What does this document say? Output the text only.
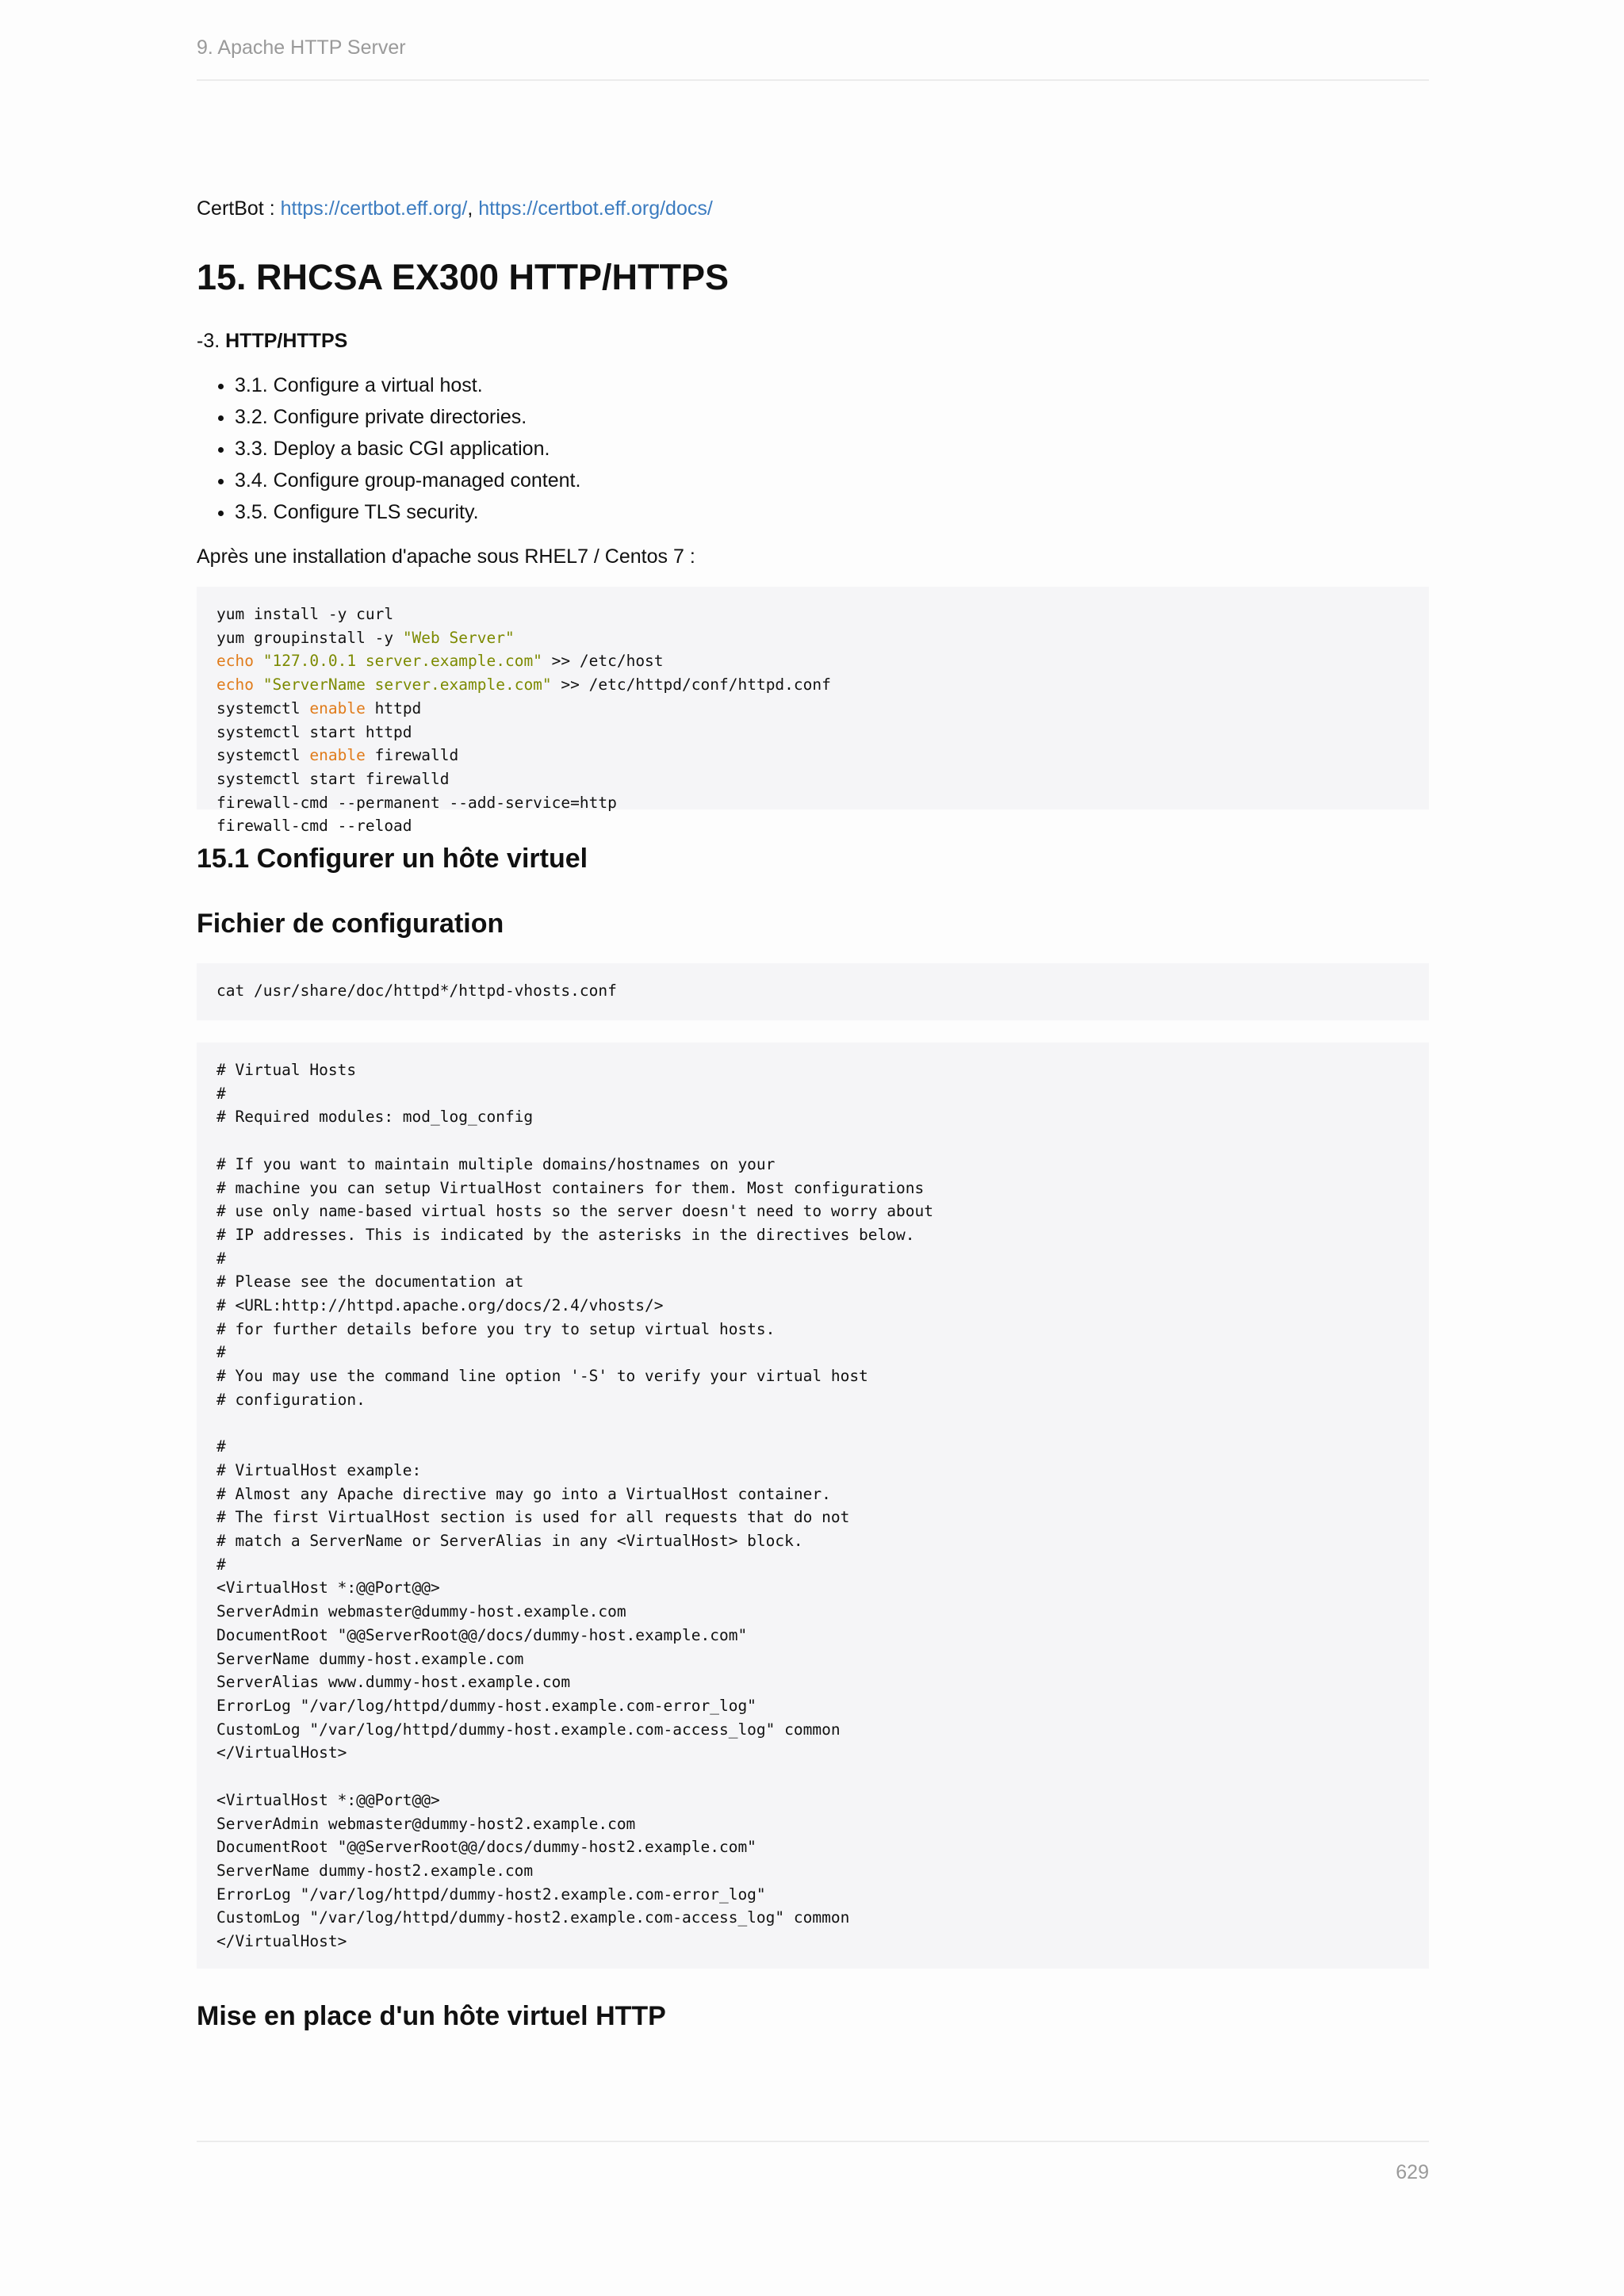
9. Apache HTTP Server

CertBot : https://certbot.eff.org/, https://certbot.eff.org/docs/

15. RHCSA EX300 HTTP/HTTPS

-3. HTTP/HTTPS

• 3.1. Configure a virtual host.
• 3.2. Configure private directories.
• 3.3. Deploy a basic CGI application.
• 3.4. Configure group-managed content.
• 3.5. Configure TLS security.

Après une installation d'apache sous RHEL7 / Centos 7 :

yum install -y curl
yum groupinstall -y "Web Server"
echo "127.0.0.1 server.example.com" >> /etc/host
echo "ServerName server.example.com" >> /etc/httpd/conf/httpd.conf
systemctl enable httpd
systemctl start httpd
systemctl enable firewalld
systemctl start firewalld
firewall-cmd --permanent --add-service=http
firewall-cmd --reload
15.1 Configurer un hôte virtuel
Fichier de configuration
cat /usr/share/doc/httpd*/httpd-vhosts.conf
# Virtual Hosts
#
# Required modules: mod_log_config

# If you want to maintain multiple domains/hostnames on your
# machine you can setup VirtualHost containers for them. Most configurations
# use only name-based virtual hosts so the server doesn't need to worry about
# IP addresses. This is indicated by the asterisks in the directives below.
#
# Please see the documentation at
# <URL:http://httpd.apache.org/docs/2.4/vhosts/>
# for further details before you try to setup virtual hosts.
#
# You may use the command line option '-S' to verify your virtual host
# configuration.

#
# VirtualHost example:
# Almost any Apache directive may go into a VirtualHost container.
# The first VirtualHost section is used for all requests that do not
# match a ServerName or ServerAlias in any <VirtualHost> block.
#
<VirtualHost *:@@Port@@>
ServerAdmin webmaster@dummy-host.example.com
DocumentRoot "@@ServerRoot@@/docs/dummy-host.example.com"
ServerName dummy-host.example.com
ServerAlias www.dummy-host.example.com
ErrorLog "/var/log/httpd/dummy-host.example.com-error_log"
CustomLog "/var/log/httpd/dummy-host.example.com-access_log" common
</VirtualHost>

<VirtualHost *:@@Port@@>
ServerAdmin webmaster@dummy-host2.example.com
DocumentRoot "@@ServerRoot@@/docs/dummy-host2.example.com"
ServerName dummy-host2.example.com
ErrorLog "/var/log/httpd/dummy-host2.example.com-error_log"
CustomLog "/var/log/httpd/dummy-host2.example.com-access_log" common
</VirtualHost>
Mise en place d'un hôte virtuel HTTP
629
